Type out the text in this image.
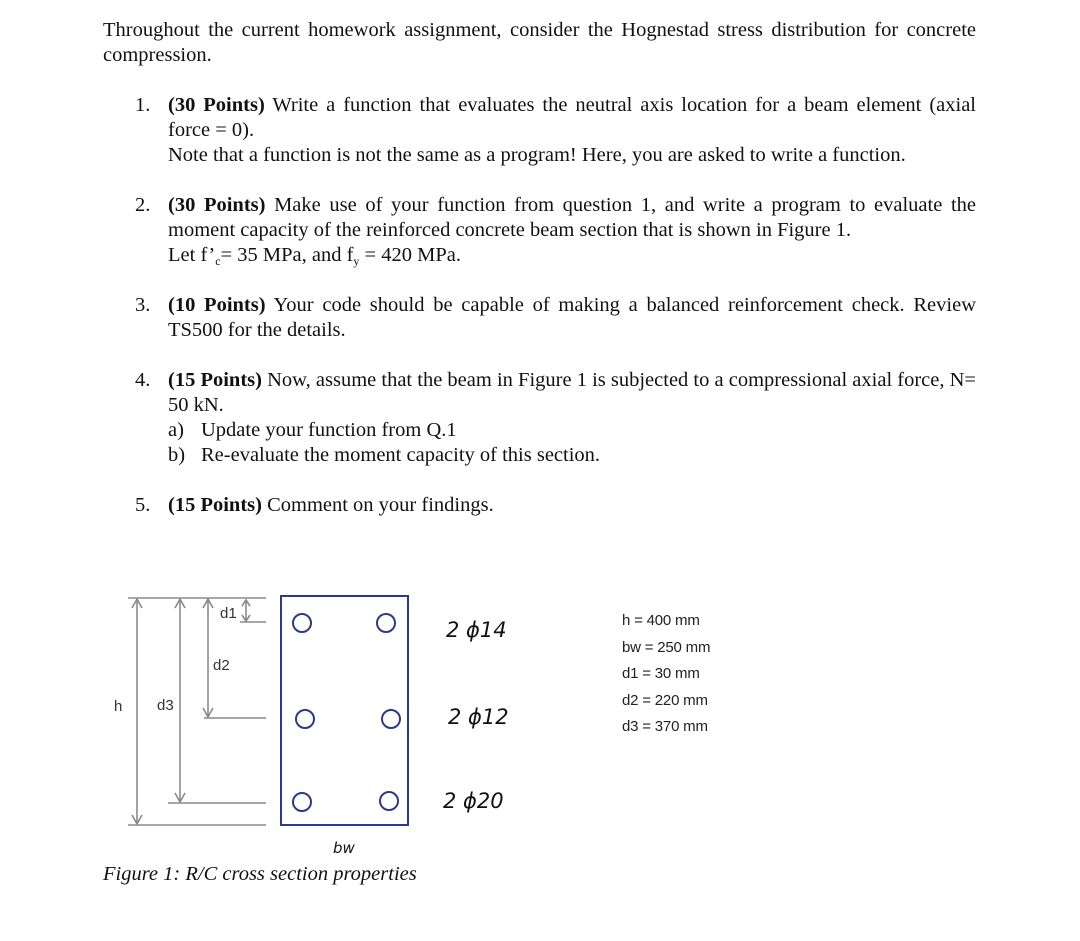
Throughout the current homework assignment, consider the Hognestad stress distribution for concrete compression.

1. (30 Points) Write a function that evaluates the neutral axis location for a beam element (axial force = 0).
Note that a function is not the same as a program! Here, you are asked to write a function.
2. (30 Points) Make use of your function from question 1, and write a program to evaluate the moment capacity of the reinforced concrete beam section that is shown in Figure 1.
Let $f’_c= 35$ MPa, and $f_y = 420$ MPa.
3. (10 Points) Your code should be capable of making a balanced reinforcement check. Review TS500 for the details.
4. (15 Points) Now, assume that the beam in Figure 1 is subjected to a compressional axial force, N= 50 kN.
a) Update your function from Q.1
b) Re-evaluate the moment capacity of this section.
5. (15 Points) Comment on your findings.
h d3
d2
d1
2 ϕ14
2 ϕ12
2 ϕ20
bw
h = 400 mm
bw = 250 mm
d1 = 30 mm
d2 = 220 mm
d3 = 370 mm

Figure 1: R/C cross section properties
